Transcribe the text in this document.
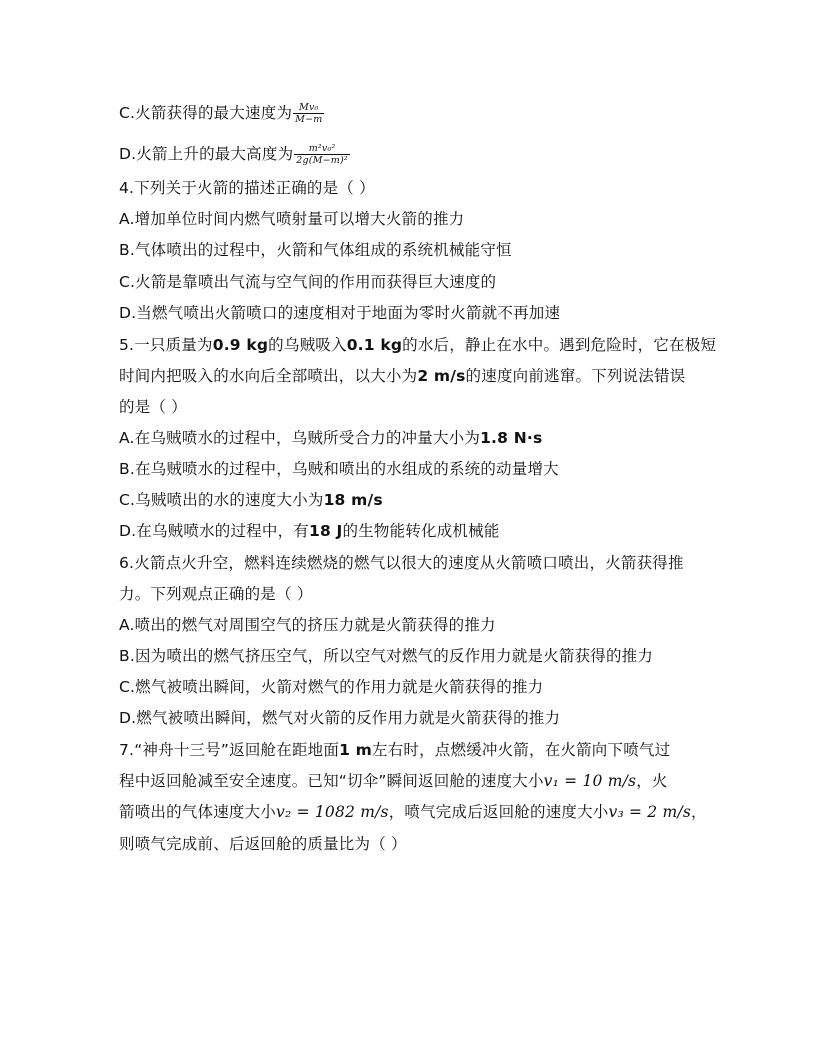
C.火箭获得的最大速度为 $\frac{\text{Mv₀}}{M-m}$
D.火箭上升的最大高度为 $\frac{\text{m²v₀²}}{\text{2g(M−m)²}}$
4.下列关于火箭的描述正确的是（ ）
A.增加单位时间内燃气喷射量可以增大火箭的推力
B.气体喷出的过程中，火箭和气体组成的系统机械能守恒
C.火箭是靠喷出气流与空气间的作用而获得巨大速度的
D.当燃气喷出火箭喷口的速度相对于地面为零时火箭就不再加速
5.一只质量为0.9 kg的乌贼吸入0.1 kg的水后，静止在水中。遇到危险时，它在极短
时间内把吸入的水向后全部喷出，以大小为2 m/s的速度向前逃窜。下列说法错误
的是（ ）
A.在乌贼喷水的过程中，乌贼所受合力的冲量大小为1.8 N·s
B.在乌贼喷水的过程中，乌贼和喷出的水组成的系统的动量增大
C.乌贼喷出的水的速度大小为18 m/s
D.在乌贼喷水的过程中，有18 J的生物能转化成机械能
6.火箭点火升空，燃料连续燃烧的燃气以很大的速度从火箭喷口喷出，火箭获得推
力。下列观点正确的是（ ）
A.喷出的燃气对周围空气的挤压力就是火箭获得的推力
B.因为喷出的燃气挤压空气，所以空气对燃气的反作用力就是火箭获得的推力
C.燃气被喷出瞬间，火箭对燃气的作用力就是火箭获得的推力
D.燃气被喷出瞬间，燃气对火箭的反作用力就是火箭获得的推力
7.“神舟十三号”返回舱在距地面1 m左右时，点燃缓冲火箭，在火箭向下喷气过
程中返回舱减至安全速度。已知“切伞”瞬间返回舱的速度大小v₁ = 10 m/s，火
箭喷出的气体速度大小v₂ = 1082 m/s，喷气完成后返回舱的速度大小v₃ = 2 m/s，
则喷气完成前、后返回舱的质量比为（ ）
